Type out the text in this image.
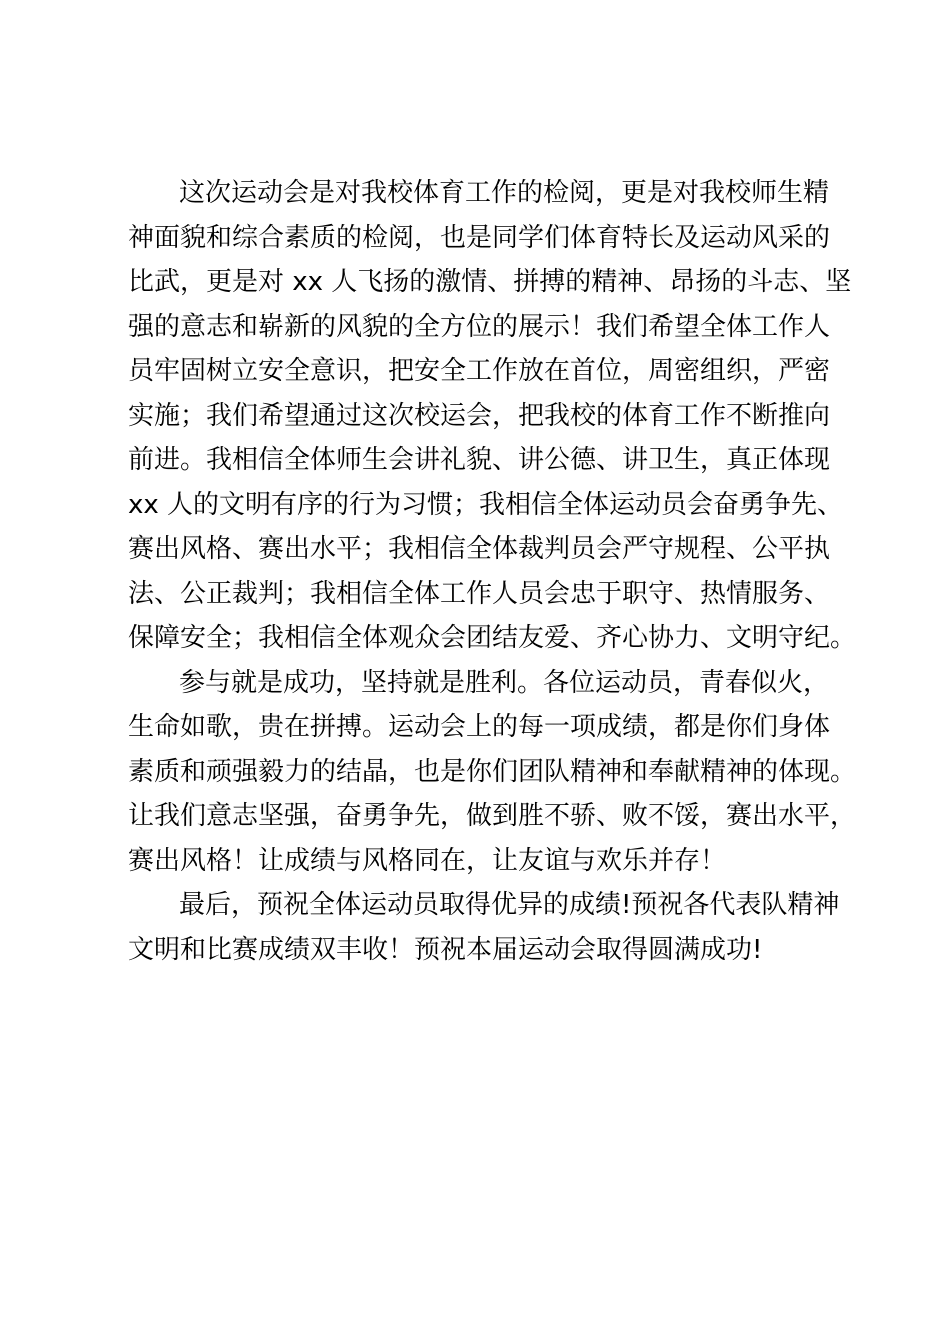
这次运动会是对我校体育工作的检阅，更是对我校师生精
神面貌和综合素质的检阅，也是同学们体育特长及运动风采的
比武，更是对 xx 人飞扬的激情、拼搏的精神、昂扬的斗志、坚
强的意志和崭新的风貌的全方位的展示！我们希望全体工作人
员牢固树立安全意识，把安全工作放在首位，周密组织，严密
实施；我们希望通过这次校运会，把我校的体育工作不断推向
前进。我相信全体师生会讲礼貌、讲公德、讲卫生，真正体现
xx 人的文明有序的行为习惯；我相信全体运动员会奋勇争先、
赛出风格、赛出水平；我相信全体裁判员会严守规程、公平执
法、公正裁判；我相信全体工作人员会忠于职守、热情服务、
保障安全；我相信全体观众会团结友爱、齐心协力、文明守纪。
参与就是成功，坚持就是胜利。各位运动员，青春似火，
生命如歌，贵在拼搏。运动会上的每一项成绩，都是你们身体
素质和顽强毅力的结晶，也是你们团队精神和奉献精神的体现。
让我们意志坚强，奋勇争先，做到胜不骄、败不馁，赛出水平，
赛出风格！让成绩与风格同在，让友谊与欢乐并存！
最后，预祝全体运动员取得优异的成绩!预祝各代表队精神
文明和比赛成绩双丰收！预祝本届运动会取得圆满成功!
